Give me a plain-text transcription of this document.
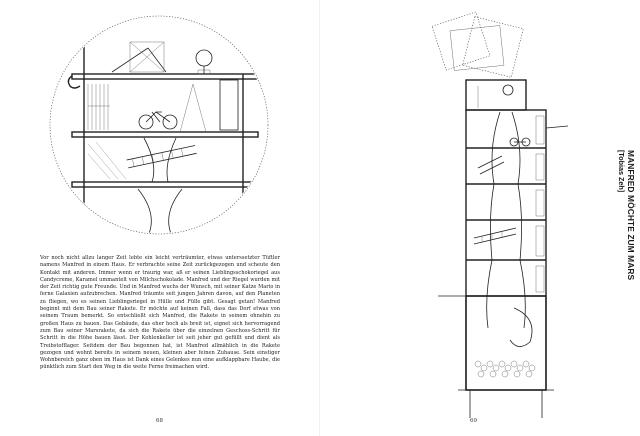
Vor noch nicht allzu langer Zeit lebte ein leicht verträumter, etwas unterssetzter Tüftler namens Manfred in einem Haus. Er verbrachte seine Zeit zurückgezogen und scheute den Kontakt mit anderen. Immer wenn er traurig war, aß er seinen Lieblingsschokoriegel aus Candycreme, Karamel ummantelt von Milchschokolade. Manfred und der Riegel wurden mit der Zeit richtig gute Freunde. Und in Manfred wuchs der Wunsch, mit seiner Katze Mario in ferne Galaxien aufzubrechen. Manfred träumte seit jungen Jahren davon, auf den Planeten zu fliegen, wo es seinen Lieblingsriegel in Hülle und Fülle gibt. Gesagt getan! Manfred beginnt mit dem Bau seiner Rakete. Er möchte auf keinen Fall, dass das Dorf etwas von seinem Traum bemerkt. So entschließt sich Manfred, die Rakete in seinem ohnehin zu großen Haus zu bauen. Das Gebäude, das eher hoch als breit ist, eignet sich hervorragend zum Bau seiner Marsrakete, da sich die Rakete über die einzelnen Geschoss-Schritt für Schritt in die Höhe bauen lässt. Der Kohlenkeller ist seit jeher gut gefüllt und dient als Treibstofflager. Seitdem der Bau begonnen hat, ist Manfred allmählich in die Rakete gezogen und wohnt bereits in seinem neuen, kleinen aber feinen Zuhause. Sein einstiger Wohnbereich ganz oben im Haus ist Dank eines Gelenkes nun eine aufklappbare Haube, die pünktlich zum Start den Weg in die weite Ferne freimachen wird.
68
MANFRED MÖCHTE ZUM MARS
[Tobias Zeh]
69
